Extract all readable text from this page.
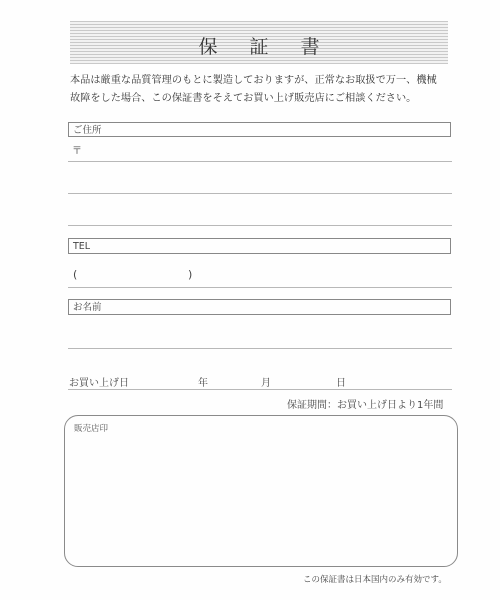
保 証 書
本品は厳重な品質管理のもとに製造しておりますが、正常なお取扱で万一、機械
故障をした場合、この保証書をそえてお買い上げ販売店にご相談ください。
ご住所
〒
TEL
(	)
お名前
お買い上げ日	年	月	日
保証期間：お買い上げ日より1年間
販売店印
この保証書は日本国内のみ有効です。
